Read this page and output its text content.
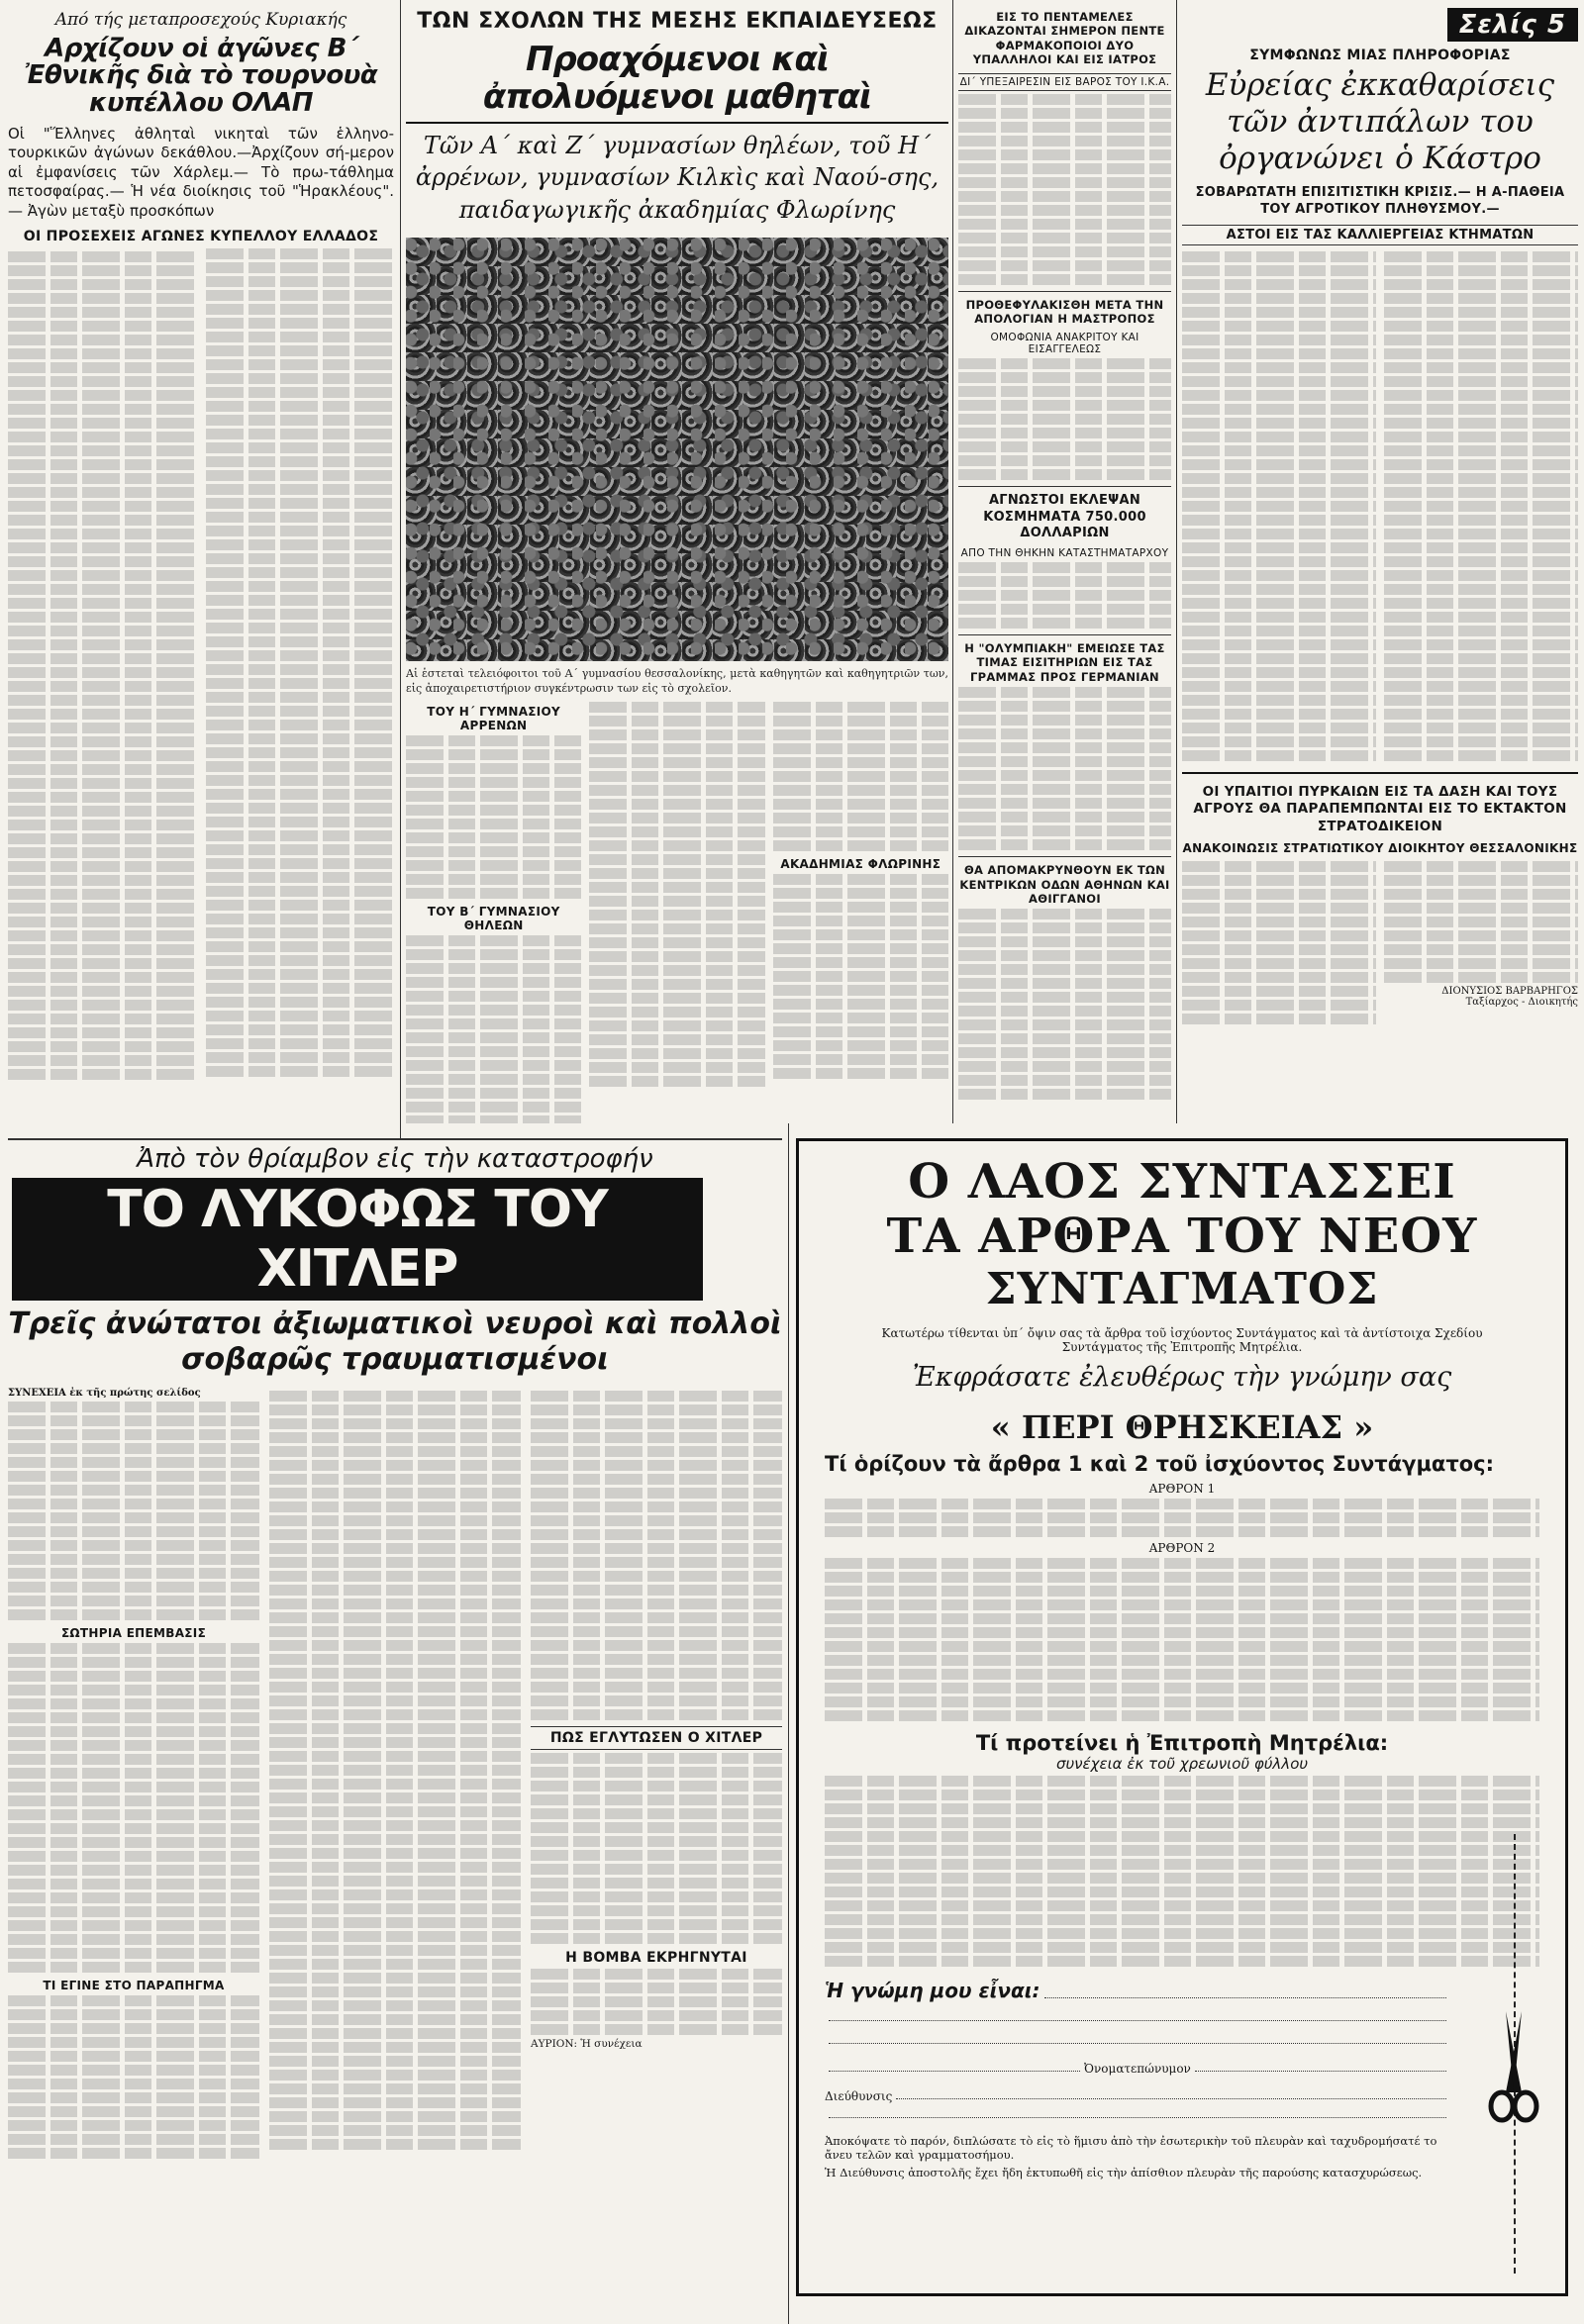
Από τής μεταπροσεχούς Κυριακής
Αρχίζουν οἱ ἀγῶνες Β΄ Ἐθνικῆς διὰ τὸ τουρνουὰ κυπέλλου ΟΛΑΠ
Οἱ "Ἕλληνες ἀθληταὶ νικηταὶ τῶν ἑλληνο-τουρκικῶν ἀγώνων δεκάθλου.—Ἀρχίζουν σή-μερον αἱ ἐμφανίσεις τῶν Χάρλεμ.— Τὸ πρω-τάθλημα πετοσφαίρας.— Ἡ νέα διοίκησις τοῦ "Ἡρακλέους".— Ἀγὼν μεταξὺ προσκόπων
ΟΙ ΠΡΟΣΕΧΕΙΣ ΑΓΩΝΕΣ ΚΥΠΕΛΛΟΥ ΕΛΛΑΔΟΣ
ΤΩΝ ΣΧΟΛΩΝ ΤΗΣ ΜΕΣΗΣ ΕΚΠΑΙΔΕΥΣΕΩΣ
Προαχόμενοι καὶ ἀπολυόμενοι μαθηταὶ
Τῶν Α΄ καὶ Ζ΄ γυμνασίων θηλέων, τοῦ Η΄ ἀρρένων, γυμνασίων Κιλκὶς καὶ Ναού-σης, παιδαγωγικῆς ἀκαδημίας Φλωρίνης
Αἱ ἑστεταὶ τελειόφοιτοι τοῦ Α΄ γυμνασίου θεσσαλονίκης, μετὰ καθηγητῶν καὶ καθηγητριῶν των, εἰς ἀποχαιρετιστήριον συγκέντρωσιν των εἰς τὸ σχολεῖον.
ΤΟΥ Η΄ ΓΥΜΝΑΣΙΟΥ ΑΡΡΕΝΩΝ
ΤΟΥ Β΄ ΓΥΜΝΑΣΙΟΥ ΘΗΛΕΩΝ
ΑΚΑΔΗΜΙΑΣ ΦΛΩΡΙΝΗΣ
ΕΙΣ ΤΟ ΠΕΝΤΑΜΕΛΕΣ ΔΙΚΑΖΟΝΤΑΙ ΣΗΜΕΡΟΝ ΠΕΝΤΕ ΦΑΡΜΑΚΟΠΟΙΟΙ ΔΥΟ ΥΠΑΛΛΗΛΟΙ ΚΑΙ ΕΙΣ ΙΑΤΡΟΣ
ΔΙ΄ ΥΠΕΞΑΙΡΕΣΙΝ ΕΙΣ ΒΑΡΟΣ ΤΟΥ Ι.Κ.Α.
ΠΡΟΘΕΦΥΛΑΚΙΣΘΗ ΜΕΤΑ ΤΗΝ ΑΠΟΛΟΓΙΑΝ Η ΜΑΣΤΡΟΠΟΣ
ΟΜΟΦΩΝΙΑ ΑΝΑΚΡΙΤΟΥ ΚΑΙ ΕΙΣΑΓΓΕΛΕΩΣ
ΑΓΝΩΣΤΟΙ ΕΚΛΕΨΑΝ ΚΟΣΜΗΜΑΤΑ 750.000 ΔΟΛΛΑΡΙΩΝ
ΑΠΟ ΤΗΝ ΘΗΚΗΝ ΚΑΤΑΣΤΗΜΑΤΑΡΧΟΥ
Η "ΟΛΥΜΠΙΑΚΗ" ΕΜΕΙΩΣΕ ΤΑΣ ΤΙΜΑΣ ΕΙΣΙΤΗΡΙΩΝ ΕΙΣ ΤΑΣ ΓΡΑΜΜΑΣ ΠΡΟΣ ΓΕΡΜΑΝΙΑΝ
ΘΑ ΑΠΟΜΑΚΡΥΝΘΟΥΝ ΕΚ ΤΩΝ ΚΕΝΤΡΙΚΩΝ ΟΔΩΝ ΑΘΗΝΩΝ ΚΑΙ ΑΘΙΓΓΑΝΟΙ
Σελίς 5
ΣΥΜΦΩΝΩΣ ΜΙΑΣ ΠΛΗΡΟΦΟΡΙΑΣ
Εὐρείας ἐκκαθαρίσεις τῶν ἀντιπάλων του ὀργανώνει ὁ Κάστρο
ΣΟΒΑΡΩΤΑΤΗ ΕΠΙΣΙΤΙΣΤΙΚΗ ΚΡΙΣΙΣ.— Η Α-ΠΑΘΕΙΑ ΤΟΥ ΑΓΡΟΤΙΚΟΥ ΠΛΗΘΥΣΜΟΥ.—
ΑΣΤΟΙ ΕΙΣ ΤΑΣ ΚΑΛΛΙΕΡΓΕΙΑΣ ΚΤΗΜΑΤΩΝ
ΟΙ ΥΠΑΙΤΙΟΙ ΠΥΡΚΑΙΩΝ ΕΙΣ ΤΑ ΔΑΣΗ ΚΑΙ ΤΟΥΣ ΑΓΡΟΥΣ ΘΑ ΠΑΡΑΠΕΜΠΩΝΤΑΙ ΕΙΣ ΤΟ ΕΚΤΑΚΤΟΝ ΣΤΡΑΤΟΔΙΚΕΙΟΝ
ΑΝΑΚΟΙΝΩΣΙΣ ΣΤΡΑΤΙΩΤΙΚΟΥ ΔΙΟΙΚΗΤΟΥ ΘΕΣΣΑΛΟΝΙΚΗΣ
ΔΙΟΝΥΣΙΟΣ ΒΑΡΒΑΡΗΓΟΣ
Ταξίαρχος - Διοικητής
Ἀπὸ τὸν θρίαμβον εἰς τὴν καταστροφήν
ΤΟ ΛΥΚΟΦΩΣ ΤΟΥ ΧΙΤΛΕΡ
Τρεῖς ἀνώτατοι ἀξιωματικοὶ νευροὶ καὶ πολλοὶ σοβαρῶς τραυματισμένοι
ΣΥΝΕΧΕΙΑ ἐκ τῆς πρώτης σελίδος
ΣΩΤΗΡΙΑ ΕΠΕΜΒΑΣΙΣ
ΤΙ ΕΓΙΝΕ ΣΤΟ ΠΑΡΑΠΗΓΜΑ
ΠΩΣ ΕΓΛΥΤΩΣΕΝ Ο ΧΙΤΛΕΡ
Η ΒΟΜΒΑ ΕΚΡΗΓΝΥΤΑΙ
ΑΥΡΙΟΝ: Ἡ συνέχεια
Ο ΛΑΟΣ ΣΥΝΤΑΣΣΕΙ
ΤΑ ΑΡΘΡΑ ΤΟΥ ΝΕΟΥ
ΣΥΝΤΑΓΜΑΤΟΣ
Κατωτέρω τίθενται ὑπ΄ ὄψιν σας τὰ ἄρθρα τοῦ ἰσχύοντος Συντάγματος καὶ τὰ ἀντίστοιχα Σχεδίου Συντάγματος τῆς Ἐπιτροπῆς Μητρέλια.
Ἐκφράσατε ἐλευθέρως τὴν γνώμην σας
« ΠΕΡΙ ΘΡΗΣΚΕΙΑΣ »
Τί ὁρίζουν τὰ ἄρθρα 1 καὶ 2 τοῦ ἰσχύοντος Συντάγματος:
ΑΡΘΡΟΝ 1
ΑΡΘΡΟΝ 2
Τί προτείνει ἡ Ἐπιτροπὴ Μητρέλια:
συνέχεια ἐκ τοῦ χρεωνιοῦ φύλλου
Ἡ γνώμη μου εἶναι:
Ὀνοματεπώνυμον
Διεύθυνσις
Ἀποκόψατε τὸ παρόν, διπλώσατε τὸ εἰς τὸ ἥμισυ ἀπὸ τὴν ἐσωτερικὴν τοῦ πλευρὰν καὶ ταχυδρομήσατέ το ἄνευ τελῶν καὶ γραμματοσήμου.
Ἡ Διεύθυνσις ἀποστολῆς ἔχει ἤδη ἐκτυπωθῆ εἰς τὴν ἀπίσθιον πλευρὰν τῆς παρούσης κατασχυρώσεως.
